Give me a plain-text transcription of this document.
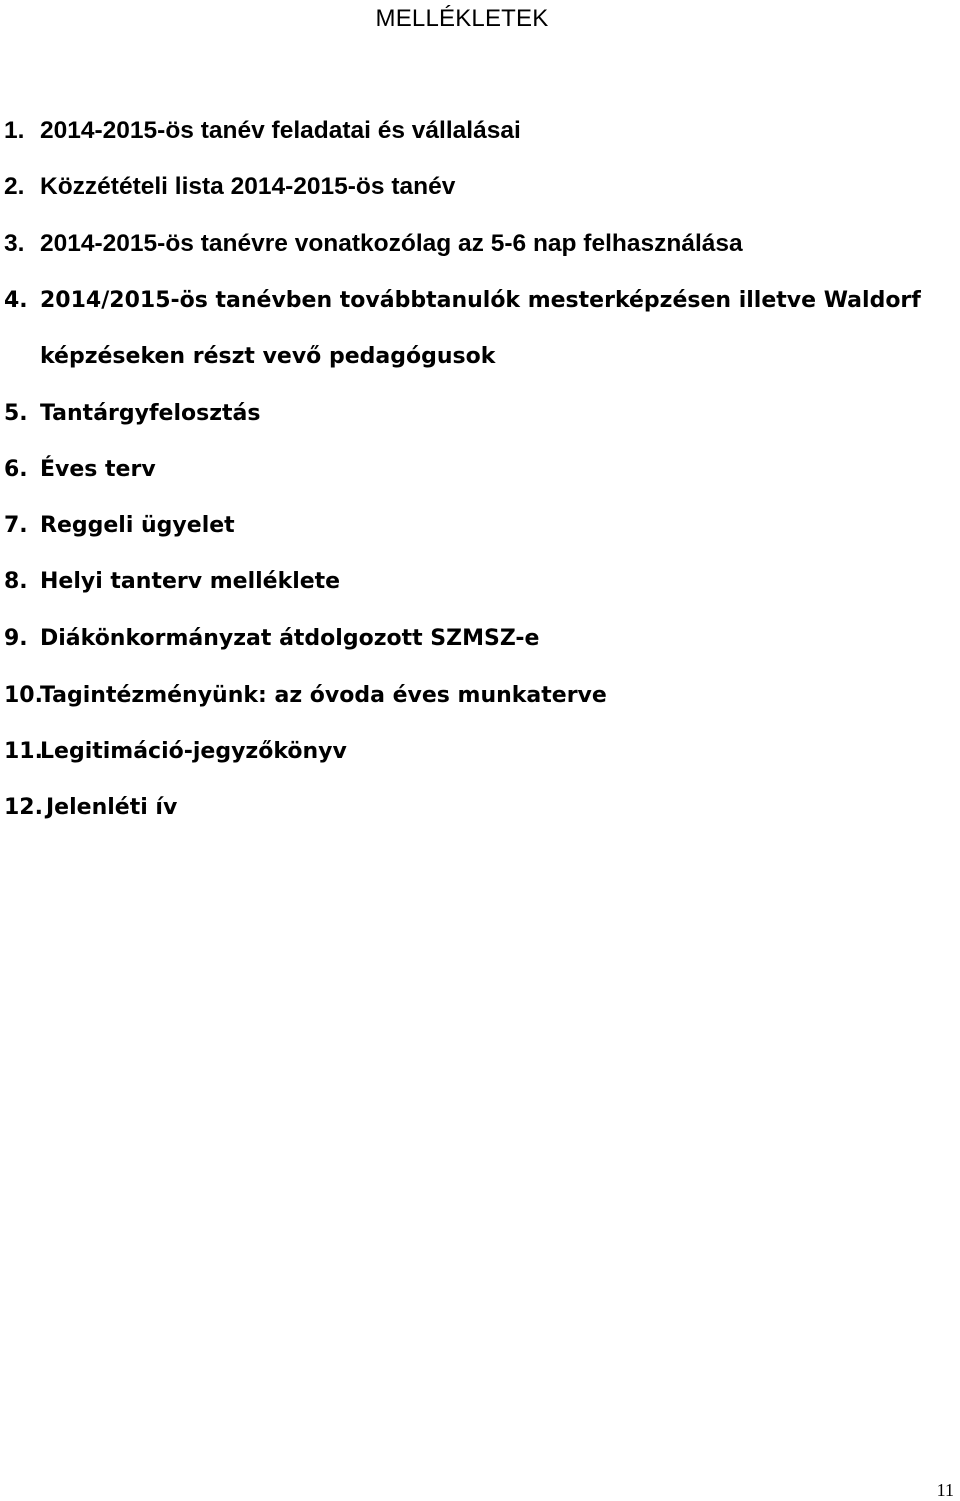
MELLÉKLETEK
1. 2014-2015-ös tanév feladatai és vállalásai
2. Közzétételi lista 2014-2015-ös tanév
3. 2014-2015-ös tanévre vonatkozólag az 5-6 nap felhasználása
4. 2014/2015-ös tanévben továbbtanulók mesterképzésen illetve Waldorf
képzéseken részt vevő pedagógusok
5. Tantárgyfelosztás
6. Éves terv
7. Reggeli ügyelet
8. Helyi tanterv melléklete
9. Diákönkormányzat átdolgozott SZMSZ-e
10.
Tagintézményünk: az óvoda éves munkaterve
11.
Legitimáció-jegyzőkönyv
12. Jelenléti ív
11
